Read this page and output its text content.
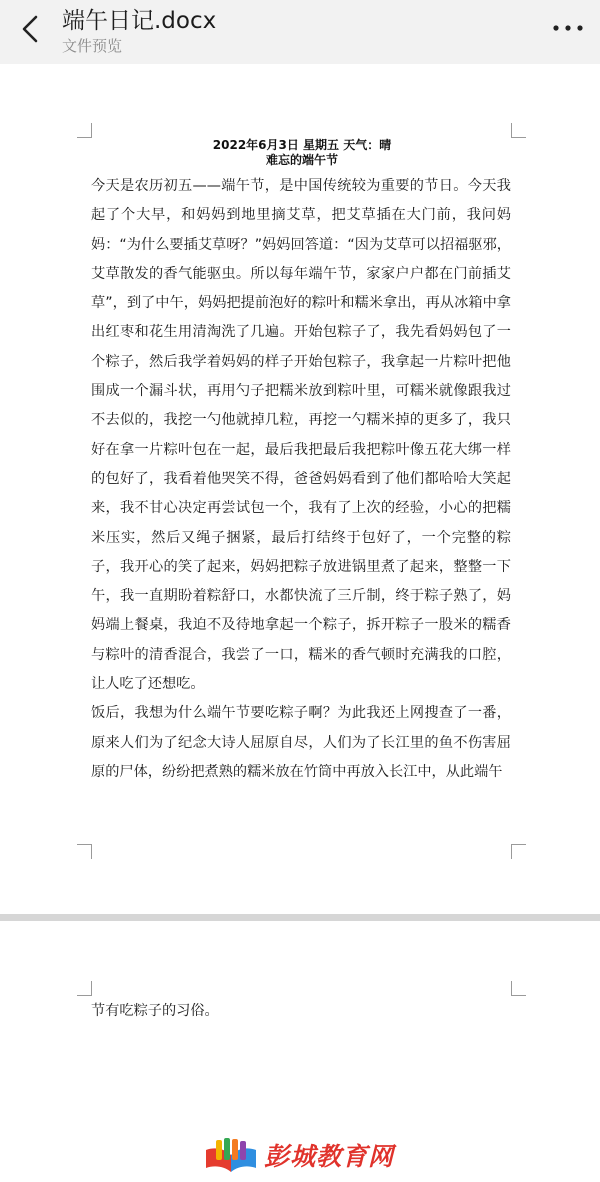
端午日记.docx
文件预览
2022年6月3日 星期五 天气：晴
难忘的端午节

今天是农历初五——端午节，是中国传统较为重要的节日。今天我起了个大早，和妈妈到地里摘艾草，把艾草插在大门前，我问妈妈：“为什么要插艾草呀？”妈妈回答道：“因为艾草可以招福驱邪，艾草散发的香气能驱虫。所以每年端午节，家家户户都在门前插艾草”，到了中午，妈妈把提前泡好的粽叶和糯米拿出，再从冰箱中拿出红枣和花生用清淘洗了几遍。开始包粽子了，我先看妈妈包了一个粽子，然后我学着妈妈的样子开始包粽子，我拿起一片粽叶把他围成一个漏斗状，再用勺子把糯米放到粽叶里，可糯米就像跟我过不去似的，我挖一勺他就掉几粒，再挖一勺糯米掉的更多了，我只好在拿一片粽叶包在一起，最后我把最后我把粽叶像五花大绑一样的包好了，我看着他哭笑不得，爸爸妈妈看到了他们都哈哈大笑起来，我不甘心决定再尝试包一个，我有了上次的经验，小心的把糯米压实，然后又绳子捆紧，最后打结终于包好了，一个完整的粽子，我开心的笑了起来，妈妈把粽子放进锅里煮了起来，整整一下午，我一直期盼着粽舒口，水都快流了三斤制，终于粽子熟了，妈妈端上餐桌，我迫不及待地拿起一个粽子，拆开粽子一股米的糯香与粽叶的清香混合，我尝了一口，糯米的香气顿时充满我的口腔，让人吃了还想吃。

饭后，我想为什么端午节要吃粽子啊？为此我还上网搜查了一番，原来人们为了纪念大诗人屈原自尽，人们为了长江里的鱼不伤害屈原的尸体，纷纷把煮熟的糯米放在竹筒中再放入长江中，从此端午

节有吃粽子的习俗。

彭城教育网
